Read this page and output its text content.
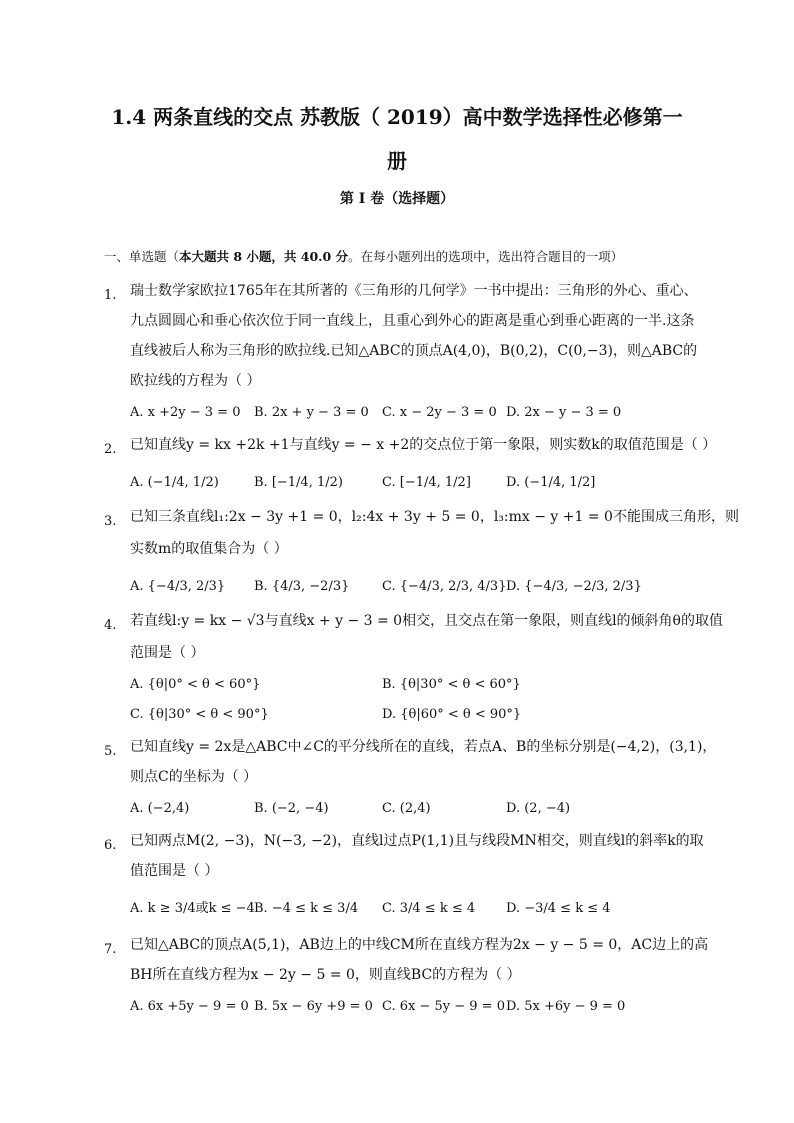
1.4 两条直线的交点 苏教版（ 2019）高中数学选择性必修第一
册
第 I 卷（选择题）
一、单选题（本大题共 8 小题，共 40.0 分。在每小题列出的选项中，选出符合题目的一项）
1. 瑞士数学家欧拉1765年在其所著的《三角形的几何学》一书中提出：三角形的外心、重心、
九点圆圆心和垂心依次位于同一直线上，且重心到外心的距离是重心到垂心距离的一半.这条
直线被后人称为三角形的欧拉线.已知△ABC的顶点A(4,0)，B(0,2)，C(0,−3)，则△ABC的
欧拉线的方程为（ ）
A. x +2y − 3 = 0 B. 2x + y − 3 = 0 C. x − 2y − 3 = 0 D. 2x − y − 3 = 0
2. 已知直线y = kx +2k +1与直线y = − x +2的交点位于第一象限，则实数k的取值范围是（ ）
A. (−1/4, 1/2)	B. [−1/4, 1/2)	C. [−1/4, 1/2]	D. (−1/4, 1/2]
3. 已知三条直线l₁:2x − 3y +1 = 0，l₂:4x + 3y + 5 = 0，l₃:mx − y +1 = 0不能围成三角形，则
实数m的取值集合为（ ）
A. {−4/3, 2/3} B. {4/3, −2/3}	C. {−4/3, 2/3, 4/3} D. {−4/3, −2/3, 2/3}
4. 若直线l:y = kx − √3与直线x + y − 3 = 0相交，且交点在第一象限，则直线l的倾斜角θ的取值
范围是（ ）
A. {θ|0° < θ < 60°}	B. {θ|30° < θ < 60°}
C. {θ|30° < θ < 90°}	D. {θ|60° < θ < 90°}
5. 已知直线y = 2x是△ABC中∠C的平分线所在的直线，若点A、B的坐标分别是(−4,2)，(3,1)，
则点C的坐标为（ ）
A. (−2,4)	B. (−2, −4)	C. (2,4)	D. (2, −4)
6. 已知两点M(2, −3)，N(−3, −2)，直线l过点P(1,1)且与线段MN相交，则直线l的斜率k的取
值范围是（ ）
A. k ≥ 3/4或k ≤ −4 B. −4 ≤ k ≤ 3/4 C. 3/4 ≤ k ≤ 4 D. −3/4 ≤ k ≤ 4
7. 已知△ABC的顶点A(5,1)，AB边上的中线CM所在直线方程为2x − y − 5 = 0，AC边上的高
BH所在直线方程为x − 2y − 5 = 0，则直线BC的方程为（ ）
A. 6x +5y − 9 = 0 B. 5x − 6y +9 = 0 C. 6x − 5y − 9 = 0 D. 5x +6y − 9 = 0
